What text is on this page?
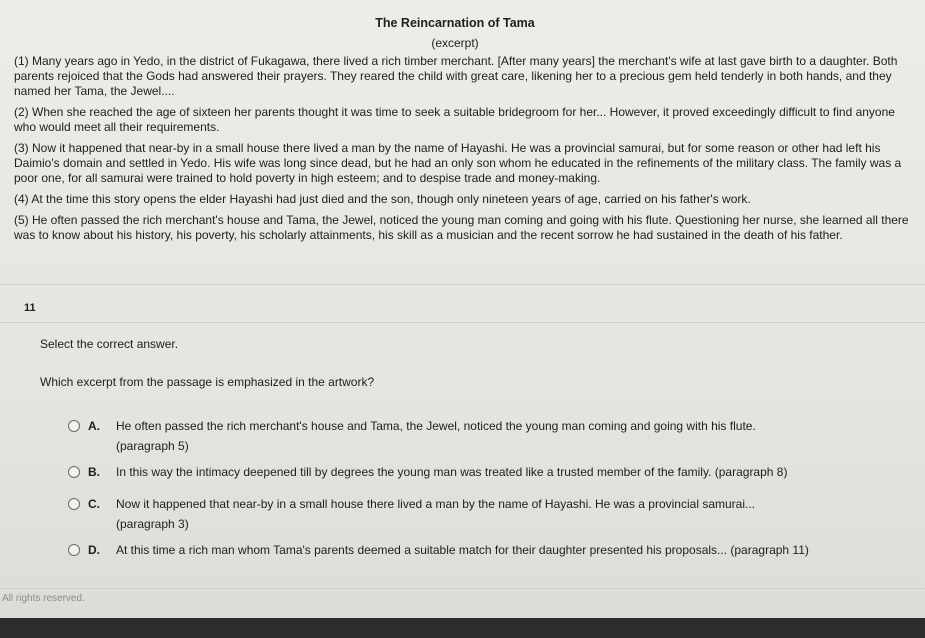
The Reincarnation of Tama
(excerpt)

(1) Many years ago in Yedo, in the district of Fukagawa, there lived a rich timber merchant. [After many years] the merchant's wife at last gave birth to a daughter. Both parents rejoiced that the Gods had answered their prayers. They reared the child with great care, likening her to a precious gem held tenderly in both hands, and they named her Tama, the Jewel....

(2) When she reached the age of sixteen her parents thought it was time to seek a suitable bridegroom for her... However, it proved exceedingly difficult to find anyone who would meet all their requirements.

(3) Now it happened that near-by in a small house there lived a man by the name of Hayashi. He was a provincial samurai, but for some reason or other had left his Daimio's domain and settled in Yedo. His wife was long since dead, but he had an only son whom he educated in the refinements of the military class. The family was a poor one, for all samurai were trained to hold poverty in high esteem; and to despise trade and money-making.

(4) At the time this story opens the elder Hayashi had just died and the son, though only nineteen years of age, carried on his father's work.

(5) He often passed the rich merchant's house and Tama, the Jewel, noticed the young man coming and going with his flute. Questioning her nurse, she learned all there was to know about his history, his poverty, his scholarly attainments, his skill as a musician and the recent sorrow he had sustained in the death of his father.

11
Select the correct answer.
Which excerpt from the passage is emphasized in the artwork?
A. He often passed the rich merchant's house and Tama, the Jewel, noticed the young man coming and going with his flute.
(paragraph 5)
B. In this way the intimacy deepened till by degrees the young man was treated like a trusted member of the family. (paragraph 8)
C. Now it happened that near-by in a small house there lived a man by the name of Hayashi. He was a provincial samurai...
(paragraph 3)
D. At this time a rich man whom Tama's parents deemed a suitable match for their daughter presented his proposals... (paragraph 11)
All rights reserved.
